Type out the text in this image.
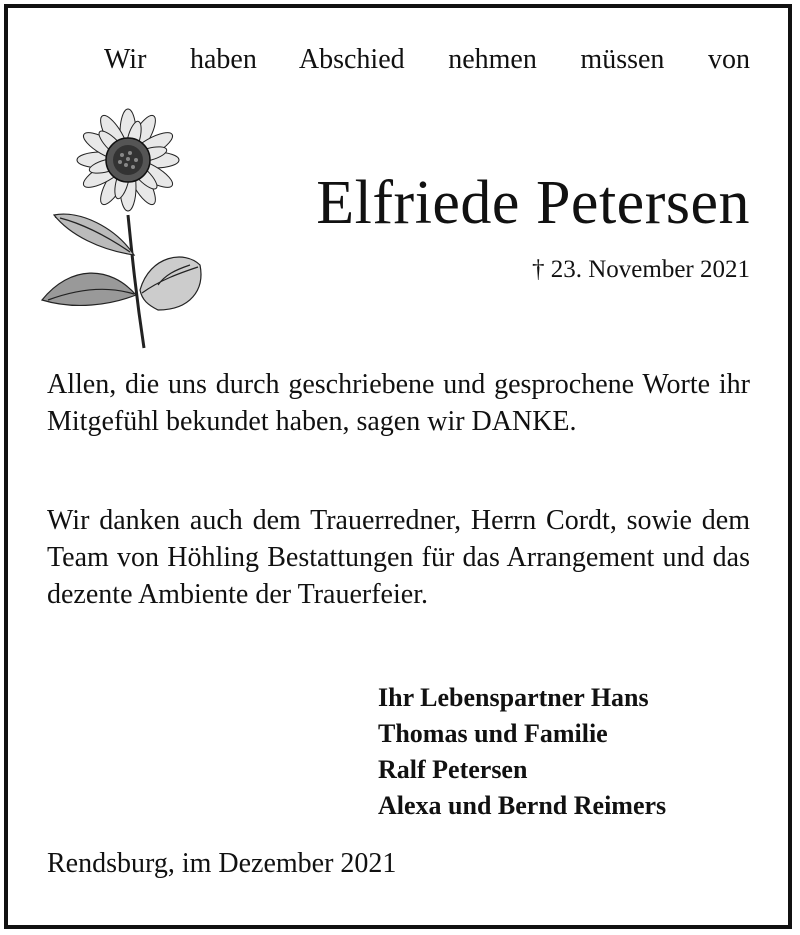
Wir haben Abschied nehmen müssen von
Elfriede Petersen
† 23. November 2021
Allen, die uns durch geschriebene und gesprochene Worte ihr Mitgefühl bekundet haben, sagen wir DANKE.
Wir danken auch dem Trauerredner, Herrn Cordt, sowie dem Team von Höhling Bestattungen für das Arrangement und das dezente Ambiente der Trauerfeier.
Ihr Lebenspartner Hans
Thomas und Familie
Ralf Petersen
Alexa und Bernd Reimers
Rendsburg, im Dezember 2021
